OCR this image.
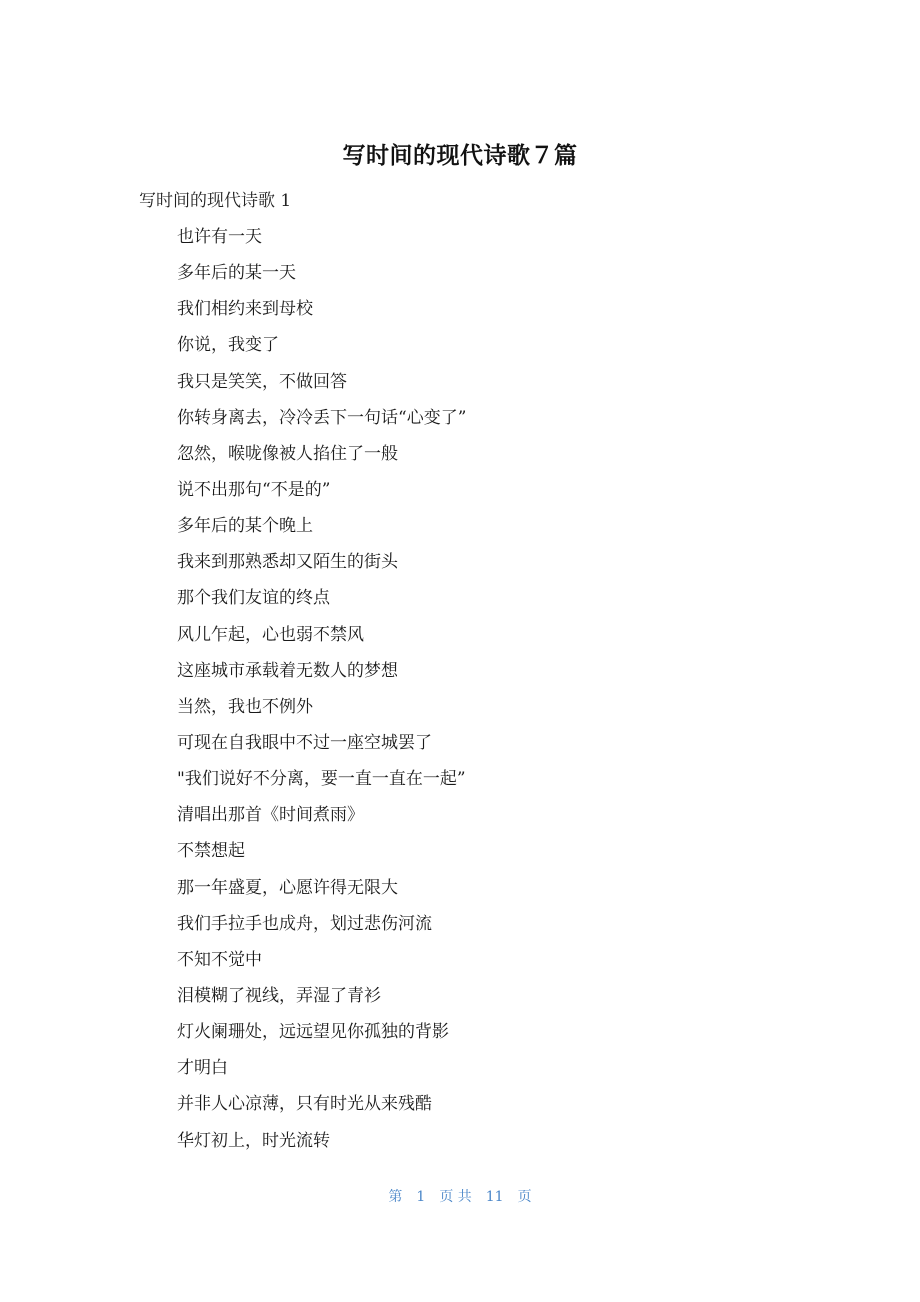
写时间的现代诗歌７篇
写时间的现代诗歌 1
也许有一天
多年后的某一天
我们相约来到母校
你说，我变了
我只是笑笑，不做回答
你转身离去，冷冷丢下一句话“心变了”
忽然，喉咙像被人掐住了一般
说不出那句“不是的”
多年后的某个晚上
我来到那熟悉却又陌生的街头
那个我们友谊的终点
风儿乍起，心也弱不禁风
这座城市承载着无数人的梦想
当然，我也不例外
可现在自我眼中不过一座空城罢了
"我们说好不分离，要一直一直在一起”
清唱出那首《时间煮雨》
不禁想起
那一年盛夏，心愿许得无限大
我们手拉手也成舟，划过悲伤河流
不知不觉中
泪模糊了视线，弄湿了青衫
灯火阑珊处，远远望见你孤独的背影
才明白
并非人心凉薄，只有时光从来残酷
华灯初上，时光流转
第 1 页 共 11 页
